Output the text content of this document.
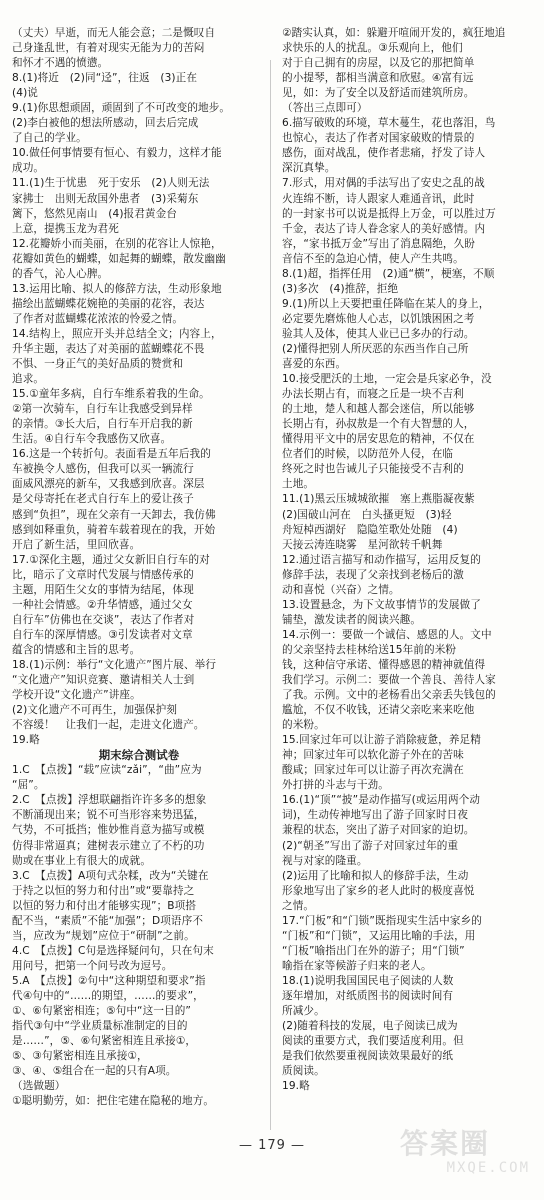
（丈夫）早逝，而无人能会意；二是慨叹自
己身逢乱世，有着对现实无能为力的苦闷
和怀才不遇的愤懑。
8.(1)将近　(2)同“迳”，往返　(3)正在
(4)说
9.(1)你思想顽固，顽固到了不可改变的地步。
(2)李白被他的想法所感动，回去后完成
了自己的学业。
10.做任何事情要有恒心、有毅力，这样才能
成功。
11.(1)生于忧患　死于安乐　(2)人则无法
家拂士　出则无敌国外患者　(3)采菊东
篱下，悠然见南山　(4)报君黄金台
上意，提携玉龙为君死
12.花瓣娇小而美丽，在别的花容让人惊艳，
花瓣如黄色的蝴蝶，如起舞的蝴蝶，散发幽幽
的香气，沁人心脾。
13.运用比喻、拟人的修辞方法，生动形象地
描绘出蓝蝴蝶花婉艳的美丽的花容，表达
了作者对蓝蝴蝶花浓浓的怜爱之情。
14.结构上，照应开头并总结全文；内容上，
升华主题，表达了对美丽的蓝蝴蝶花不畏
不惧、一身正气的美好品质的赞赏和
追求。
15.①童年多病，自行车维系着我的生命。
②第一次骑车，自行车让我感受到异样
的亲情。③长大后，自行车开启我的新
生活。④自行车令我感伤又欣喜。
16.这是一个转折句。表面看是五年后我的
车被换令人感伤，但我可以买一辆流行
面威风漂亮的新车，又我感到欣喜。深层
是父母寄托在老式自行车上的爱让孩子
感到“负担”，现在父亲有一天卸去，我仿佛
感到如释重负，骑着车载着现在的我，开始
开启了新生活，里回欣喜。
17.①深化主题，通过父女新旧自行车的对
比，暗示了文章时代发展与情感传承的
主题，用陌生父女的事情为结尾，体现
一种社会情感。②升华情感，通过父女
自行车”仿佛也在交谈”，表达了作者对
自行车的深厚情感。③引发读者对文章
蕴含的情感和主旨的思考。
18.(1)示例：举行“文化遗产”图片展、举行
“文化遗产”知识竞赛、邀请相关人士到
学校开设“文化遗产”讲座。
(2)文化遗产不可再生，加强保护刻
不容缓！　让我们一起，走进文化遗产。
19.略
期末综合测试卷
1.C　【点拨】“载”应读“zǎi”，“曲”应为
“屈”。
2.C　【点拨】浮想联翩指许许多多的想象
不断涌现出来；锐不可当形容来势迅猛，
气势，不可抵挡；惟妙惟肖意为描写或模
仿得非常逼真；建树表示建立了不朽的功
勋或在事业上有很大的成就。
3.C　【点拨】A项句式杂糅，改为“关键在
于持之以恒的努力和付出”或“要靠持之
以恒的努力和付出才能够实现”；B项搭
配不当，“素质”不能“加强”；D项语序不
当，应改为“规划”应位于“研制”之前。
4.C　【点拨】C句是选择疑问句，只在句末
用问号，把第一个问号改为逗号。
5.A　【点拨】②句中“这种期望和要求”指
代④句中的“……的期望，……的要求”，
①、⑥句紧密相连；⑤句中“这一目的”
指代③句中“学业质量标准制定的目的
是……”，⑤、⑥句紧密相连且承接①，
⑤、③句紧密相连且承接①，
③、④、⑤组合在一起的只有A项。
（选做题）
①聪明勤劳，如：把住宅建在隐秘的地方。
②踏实认真，如：躲避开喧闹开发的，疯狂地追
求快乐的人的扰乱。③乐观向上，他们
对于自己拥有的房屋，以及它的那把简单
的小提琴，都相当满意和欣慰。④富有远
见，如：为了安全以及舒适而建筑所房。
（答出三点即可）
6.描写破败的环境，草木蔓生，花也落泪，鸟
也惊心，表达了作者对国家破败的情景的
感伤，面对战乱，使作者悲痛，抒发了诗人
深沉真挚。
7.形式，用对偶的手法写出了安史之乱的战
火连绵不断，诗人跟家人难通音讯，此时
的一封家书可以说是抵得上万金，可以胜过万
千金，表达了诗人眷念家人的美好感情。内
容，“家书抵万金”写出了消息隔绝，久盼
音信不至的急迫心情，使人产生共鸣。
8.(1)超，指挥任用　(2)通“横”，梗塞，不顺
(3)多次　(4)推辞，拒绝
9.(1)所以上天要把重任降临在某人的身上，
必定要先磨炼他人心志，以饥饿困困之考
验其人及体，使其人业已已多办的行动。
(2)懂得把别人所厌恶的东西当作自己所
喜爱的东西。
10.接受肥沃的土地，一定会是兵家必争，没
办法长期占有，而寝之丘是一块不吉利
的土地，楚人和越人都会迷信，所以能够
长期占有，孙叔敖是一个有大智慧的人，
懂得用平文中的居安思危的精神，不仅在
位者们的时候，以防范外人侵，在临
终死之时也告诫儿子只能接受不吉利的
土地。
11.(1)黑云压城城欲摧　塞上燕脂凝夜紫
(2)国破山河在　白头搔更短　(3)轻
舟短棹西湖好　隐隐笙歌处处随　(4)
天接云涛连晓雾　星河欲转千帆舞
12.通过语言描写和动作描写，运用反复的
修辞手法，表现了父亲找到老杨后的激
动和喜悦（兴奋）之情。
13.设置悬念，为下文故事情节的发展做了
铺垫，激发读者的阅读兴趣。
14.示例一：要做一个诚信、感恩的人。文中
的父亲坚持去桂林给送15年前的米粉
钱，这种信守承诺、懂得感恩的精神就值得
我们学习。示例二：要做一个善良、善待人家
了我。示例。文中的老杨看出父亲丢失钱包的
尴尬，不仅不收钱，还请父亲吃来来吃他
的米粉。
15.回家过年可以让游子消除疲惫，养足精
神；回家过年可以软化游子外在的苦味
酸咸；回家过年可以让游子再次充满在
外打拼的斗志与干劲。
16.(1)“顶”“披”是动作描写(或运用两个动
词)，生动传神地写出了游子回家时日夜
兼程的状态，突出了游子对回家的迫切。
(2)“朝圣”写出了游子对回家过年的重
视与对家的隆重。
(2)运用了比喻和拟人的修辞手法，生动
形象地写出了家乡的老人此时的极度喜悦
之情。
17.“门板”和“门锁”既指现实生活中家乡的
“门板”和“门锁”，又运用比喻的手法，用
“门板”喻指出门在外的游子；用“门锁”
喻指在家等候游子归来的老人。
18.(1)说明我国国民电子阅读的人数
逐年增加，对纸质图书的阅读时间有
所减少。
(2)随着科技的发展，电子阅读已成为
阅读的重要方式，我们要适度利用。但
是我们依然要重视阅读效果最好的纸
质阅读。
19.略
— 179 —	答案圈
MXQE.COM
